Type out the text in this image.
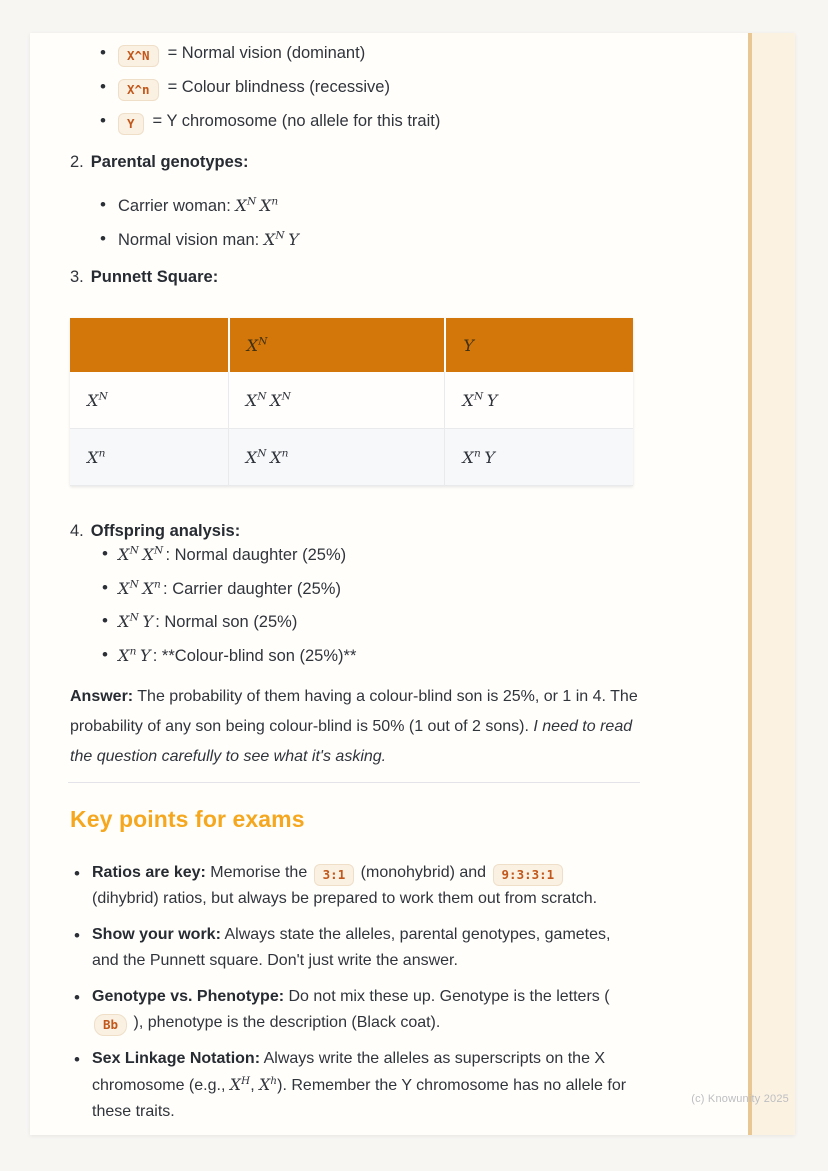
(c) Knowunity 2025
• X^N = Normal vision (dominant)
• X^n = Colour blindness (recessive)
• Y = Y chromosome (no allele for this trait)
2. Parental genotypes:
• Carrier woman: $X^N$  $X^n$
• Normal vision man: $X^N$  Y
3. Punnett Square:
	$X^N$	Y
$X^N$	$X^N$  $X^N$	$X^N$  Y
$X^n$	$X^N$  $X^n$	$X^n$  Y
4. Offspring analysis:
• $X^N$  $X^N$ : Normal daughter (25%)
• $X^N$  $X^n$ : Carrier daughter (25%)
• $X^N$  Y : Normal son (25%)
• $X^n$  Y : **Colour-blind son (25%)**

Answer: The probability of them having a colour-blind son is 25%, or 1 in 4. The probability of any son being colour-blind is 50% (1 out of 2 sons). I need to read the question carefully to see what it's asking.

Key points for exams
• Ratios are key: Memorise the 3:1 (monohybrid) and 9:3:3:1 (dihybrid) ratios, but always be prepared to work them out from scratch.
• Show your work: Always state the alleles, parental genotypes, gametes, and the Punnett square. Don't just write the answer.
• Genotype vs. Phenotype: Do not mix these up. Genotype is the letters ( Bb ), phenotype is the description (Black coat).
• Sex Linkage Notation: Always write the alleles as superscripts on the X chromosome (e.g., $X^H$, $X^h$). Remember the Y chromosome has no allele for these traits.
